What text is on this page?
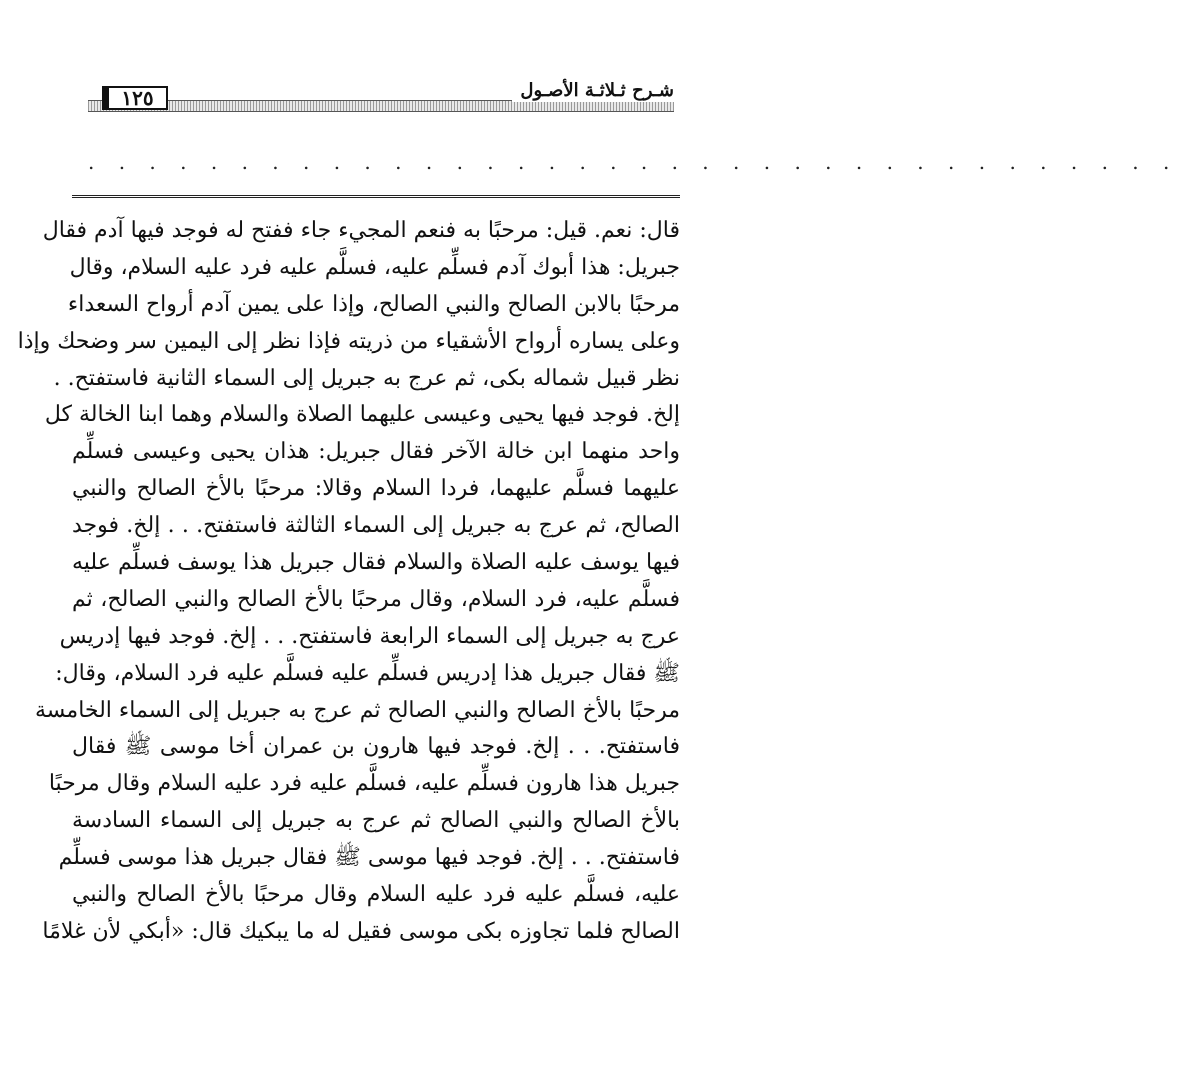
شـرح ثـلاثـة الأصـول
١٢٥
. . . . . . . . . . . . . . . . . . . . . . . . . . . . . . . . . . . .
قال: نعم. قيل: مرحبًا به فنعم المجيء جاء ففتح له فوجد فيها آدم فقال
جبريل: هذا أبوك آدم فسلِّم عليه، فسلَّم عليه فرد عليه السلام، وقال
مرحبًا بالابن الصالح والنبي الصالح، وإذا على يمين آدم أرواح السعداء
وعلى يساره أرواح الأشقياء من ذريته فإذا نظر إلى اليمين سر وضحك وإذا
نظر قبيل شماله بكى، ثم عرج به جبريل إلى السماء الثانية فاستفتح. .
إلخ. فوجد فيها يحيى وعيسى عليهما الصلاة والسلام وهما ابنا الخالة كل
واحد منهما ابن خالة الآخر فقال جبريل: هذان يحيى وعيسى فسلِّم
عليهما فسلَّم عليهما، فردا السلام وقالا: مرحبًا بالأخ الصالح والنبي
الصالح، ثم عرج به جبريل إلى السماء الثالثة فاستفتح. . . إلخ. فوجد
فيها يوسف عليه الصلاة والسلام فقال جبريل هذا يوسف فسلِّم عليه
فسلَّم عليه، فرد السلام، وقال مرحبًا بالأخ الصالح والنبي الصالح، ثم
عرج به جبريل إلى السماء الرابعة فاستفتح. . . إلخ. فوجد فيها إدريس
ﷺ فقال جبريل هذا إدريس فسلِّم عليه فسلَّم عليه فرد السلام، وقال:
مرحبًا بالأخ الصالح والنبي الصالح ثم عرج به جبريل إلى السماء الخامسة
فاستفتح. . . إلخ. فوجد فيها هارون بن عمران أخا موسى ﷺ فقال
جبريل هذا هارون فسلِّم عليه، فسلَّم عليه فرد عليه السلام وقال مرحبًا
بالأخ الصالح والنبي الصالح ثم عرج به جبريل إلى السماء السادسة
فاستفتح. . . إلخ. فوجد فيها موسى ﷺ فقال جبريل هذا موسى فسلِّم
عليه، فسلَّم عليه فرد عليه السلام وقال مرحبًا بالأخ الصالح والنبي
الصالح فلما تجاوزه بكى موسى فقيل له ما يبكيك قال: «أبكي لأن غلامًا
